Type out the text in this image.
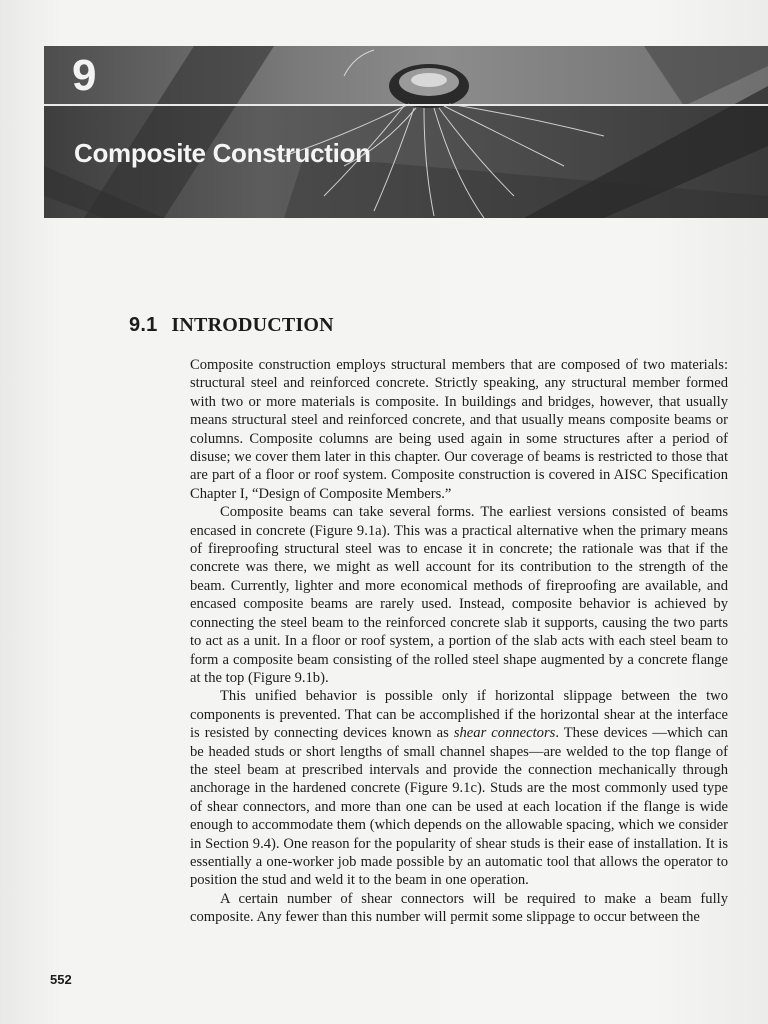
9
Composite Construction
9.1 INTRODUCTION

Composite construction employs structural members that are composed of two materials: structural steel and reinforced concrete. Strictly speaking, any structural member formed with two or more materials is composite. In buildings and bridges, however, that usually means structural steel and reinforced concrete, and that usually means composite beams or columns. Composite columns are being used again in some structures after a period of disuse; we cover them later in this chapter. Our coverage of beams is restricted to those that are part of a floor or roof system. Composite construction is covered in AISC Specification Chapter I, “Design of Composite Members.”

Composite beams can take several forms. The earliest versions consisted of beams encased in concrete (Figure 9.1a). This was a practical alternative when the primary means of fireproofing structural steel was to encase it in concrete; the rationale was that if the concrete was there, we might as well account for its contribution to the strength of the beam. Currently, lighter and more economical methods of fireproofing are available, and encased composite beams are rarely used. Instead, composite behavior is achieved by connecting the steel beam to the reinforced concrete slab it supports, causing the two parts to act as a unit. In a floor or roof system, a portion of the slab acts with each steel beam to form a composite beam consisting of the rolled steel shape augmented by a concrete flange at the top (Figure 9.1b).

This unified behavior is possible only if horizontal slippage between the two components is prevented. That can be accomplished if the horizontal shear at the interface is resisted by connecting devices known as shear connectors. These devices —which can be headed studs or short lengths of small channel shapes—are welded to the top flange of the steel beam at prescribed intervals and provide the connection mechanically through anchorage in the hardened concrete (Figure 9.1c). Studs are the most commonly used type of shear connectors, and more than one can be used at each location if the flange is wide enough to accommodate them (which depends on the allowable spacing, which we consider in Section 9.4). One reason for the popularity of shear studs is their ease of installation. It is essentially a one-worker job made possible by an automatic tool that allows the operator to position the stud and weld it to the beam in one operation.

A certain number of shear connectors will be required to make a beam fully composite. Any fewer than this number will permit some slippage to occur between the

552
